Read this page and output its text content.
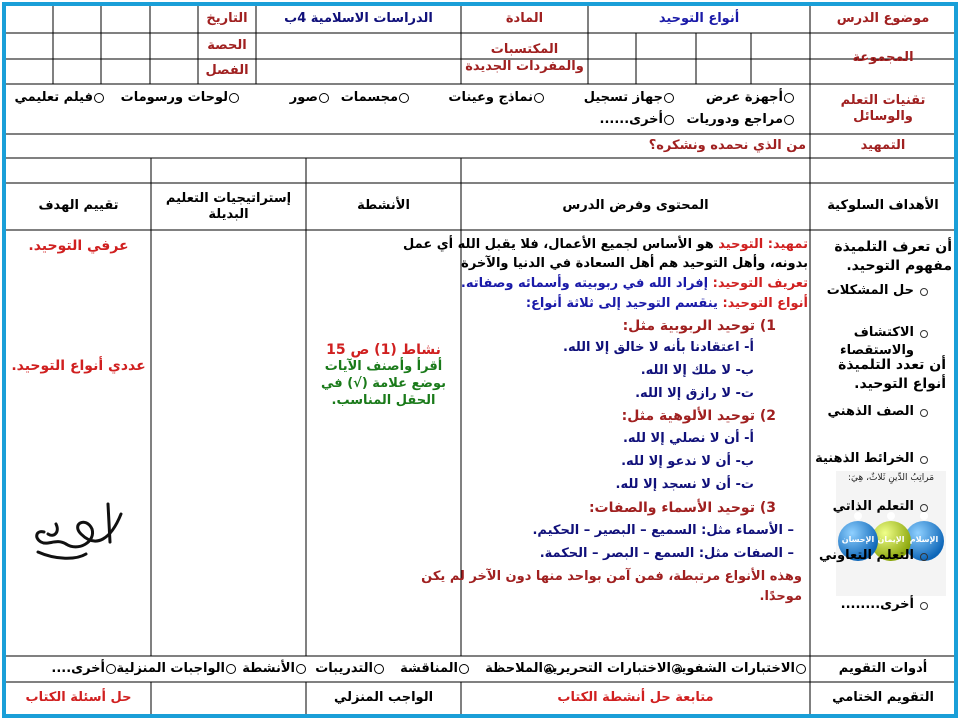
موضوع الدرس
أنواع التوحيد
المادة
الدراسات الاسلامية 4ب
التاريخ
المجموعة
المكتسبات والمفردات الجديدة
الحصة
الفصل
تقنيات التعلم والوسائل
أجهزة عرض
جهاز تسجيل
نماذج وعينات
مجسمات
صور
لوحات ورسومات
فيلم تعليمي
مراجع ودوريات
أخرى......
التمهيد
من الذي نحمده ونشكره؟
الأهداف السلوكية
المحتوى وفرض الدرس
الأنشطة
إستراتيجيات التعليم البديلة
تقييم الهدف
أن تعرف التلميذة مفهوم التوحيد.
أن تعدد التلميذة أنواع التوحيد.
مَراتِبُ الدِّينِ ثَلاثٌ، هِيَ:
الإسلام
الإيمان
الإحسان
تمهيد: التوحيد هو الأساس لجميع الأعمال، فلا يقبل الله أي عمل
بدونه، وأهل التوحيد هم أهل السعادة في الدنيا والآخرة
تعريف التوحيد: إفراد الله في ربوبيته وأسمائه وصفاته.
أنواع التوحيد: ينقسم التوحيد إلى ثلاثة أنواع:
1) توحيد الربوبية مثل:
أ- اعتقادنا بأنه لا خالق إلا الله.
ب- لا ملك إلا الله.
ت- لا رازق إلا الله.
2) توحيد الألوهية مثل:
أ- أن لا نصلي إلا لله.
ب- أن لا ندعو إلا لله.
ت- أن لا نسجد إلا لله.
3) توحيد الأسماء والصفات:
– الأسماء مثل: السميع – البصير – الحكيم.
– الصفات مثل: السمع – البصر – الحكمة.
وهذه الأنواع مرتبطة، فمن آمن بواحد منها دون الآخر لم يكن
موحدًا.
نشاط (1) ص 15
أقرأ وأصنف الآيات
بوضع علامة (√) في
الحقل المناسب.
حل المشكلات
الاكتشاف والاستقصاء
الصف الذهني
الخرائط الذهنية
التعلم الذاتي
التعلم التعاوني
أخرى........
عرفي التوحيد.
عددي أنواع التوحيد.
أدوات التقويم
الاختبارات الشفوية
الاختبارات التحريرية
الملاحظة
المناقشة
التدريبات
الأنشطة
الواجبات المنزلية
أخرى....
التقويم الختامي
متابعة حل أنشطة الكتاب
الواجب المنزلي
حل أسئلة الكتاب
